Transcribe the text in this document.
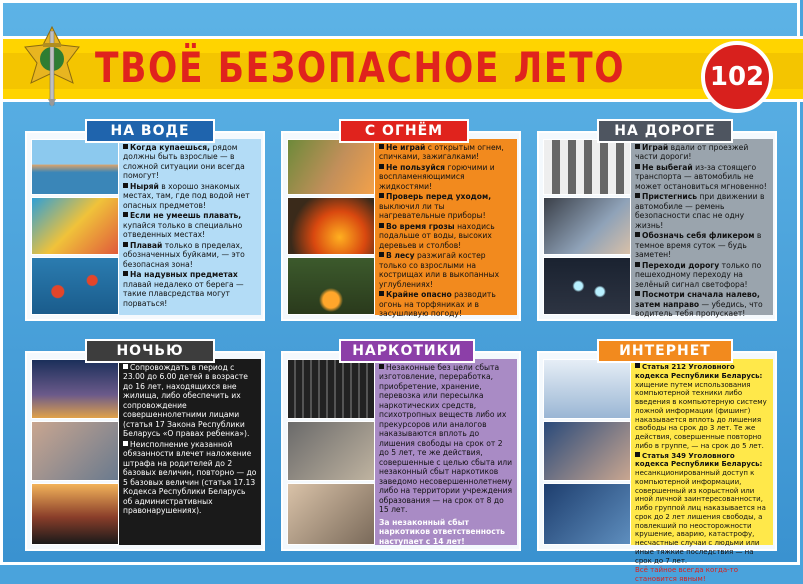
ТВОЁ БЕЗОПАСНОЕ ЛЕТО	102

Когда купаешься, рядом должны быть взрослые — в сложной ситуации они всегда помогут!

Ныряй в хорошо знакомых местах, там, где под водой нет опасных предметов!

Если не умеешь плавать, купайся только в специально отведенных местах!

Плавай только в пределах, обозначенных буйками, — это безопасная зона!

На надувных предметах плавай недалеко от берега — такие плавсредства могут порваться!

НА ВОДЕ

Не играй с открытым огнем, спичками, зажигалками!

Не пользуйся горючими и воспламеняющимися жидкостями!

Проверь перед уходом, выключил ли ты нагревательные приборы!

Во время грозы находись подальше от воды, высоких деревьев и столбов!

В лесу разжигай костер только со взрослыми на кострищах или в выкопанных углублениях!

Крайне опасно разводить огонь на торфяниках и в засушливую погоду!

С ОГНЁМ

Играй вдали от проезжей части дороги!

Не выбегай из-за стоящего транспорта — автомобиль не может остановиться мгновенно!

Пристегнись при движении в автомобиле — ремень безопасности спас не одну жизнь!

Обозначь себя фликером в темное время суток — будь заметен!

Переходи дорогу только по пешеходному переходу на зелёный сигнал светофора!

Посмотри сначала налево, затем направо — убедись, что водитель тебя пропускает!

НА ДОРОГЕ

Сопровождать в период с 23.00 до 6.00 детей в возрасте до 16 лет, находящихся вне жилища, либо обеспечить их сопровождение совершеннолетними лицами (статья 17 Закона Республики Беларусь «О правах ребенка»).

Неисполнение указанной обязанности влечет наложение штрафа на родителей до 2 базовых величин, повторно — до 5 базовых величин (статья 17.13 Кодекса Республики Беларусь об административных правонарушениях).

НОЧЬЮ

Незаконные без цели сбыта изготовление, переработка, приобретение, хранение, перевозка или пересылка наркотических средств, психотропных веществ либо их прекурсоров или аналогов наказываются вплоть до лишения свободы на срок от 2 до 5 лет, те же действия, совершенные с целью сбыта или незаконный сбыт наркотиков заведомо несовершеннолетнему либо на территории учреждения образования — на срок от 8 до 15 лет.

За незаконный сбыт наркотиков ответственность наступает с 14 лет!

НАРКОТИКИ

Статья 212 Уголовного кодекса Республики Беларусь: хищение путем использования компьютерной техники либо введения в компьютерную систему ложной информации (фишинг) наказывается вплоть до лишения свободы на срок до 3 лет. Те же действия, совершенные повторно либо в группе, — на срок до 5 лет.

Статья 349 Уголовного кодекса Республики Беларусь: несанкционированный доступ к компьютерной информации, совершенный из корыстной или иной личной заинтересованности, либо группой лиц наказывается на срок до 2 лет лишения свободы, а повлекший по неосторожности крушение, аварию, катастрофу, несчастные случаи с людьми или иные тяжкие последствия — на срок до 7 лет.

Всё тайное всегда когда-то становится явным!

ИНТЕРНЕТ
